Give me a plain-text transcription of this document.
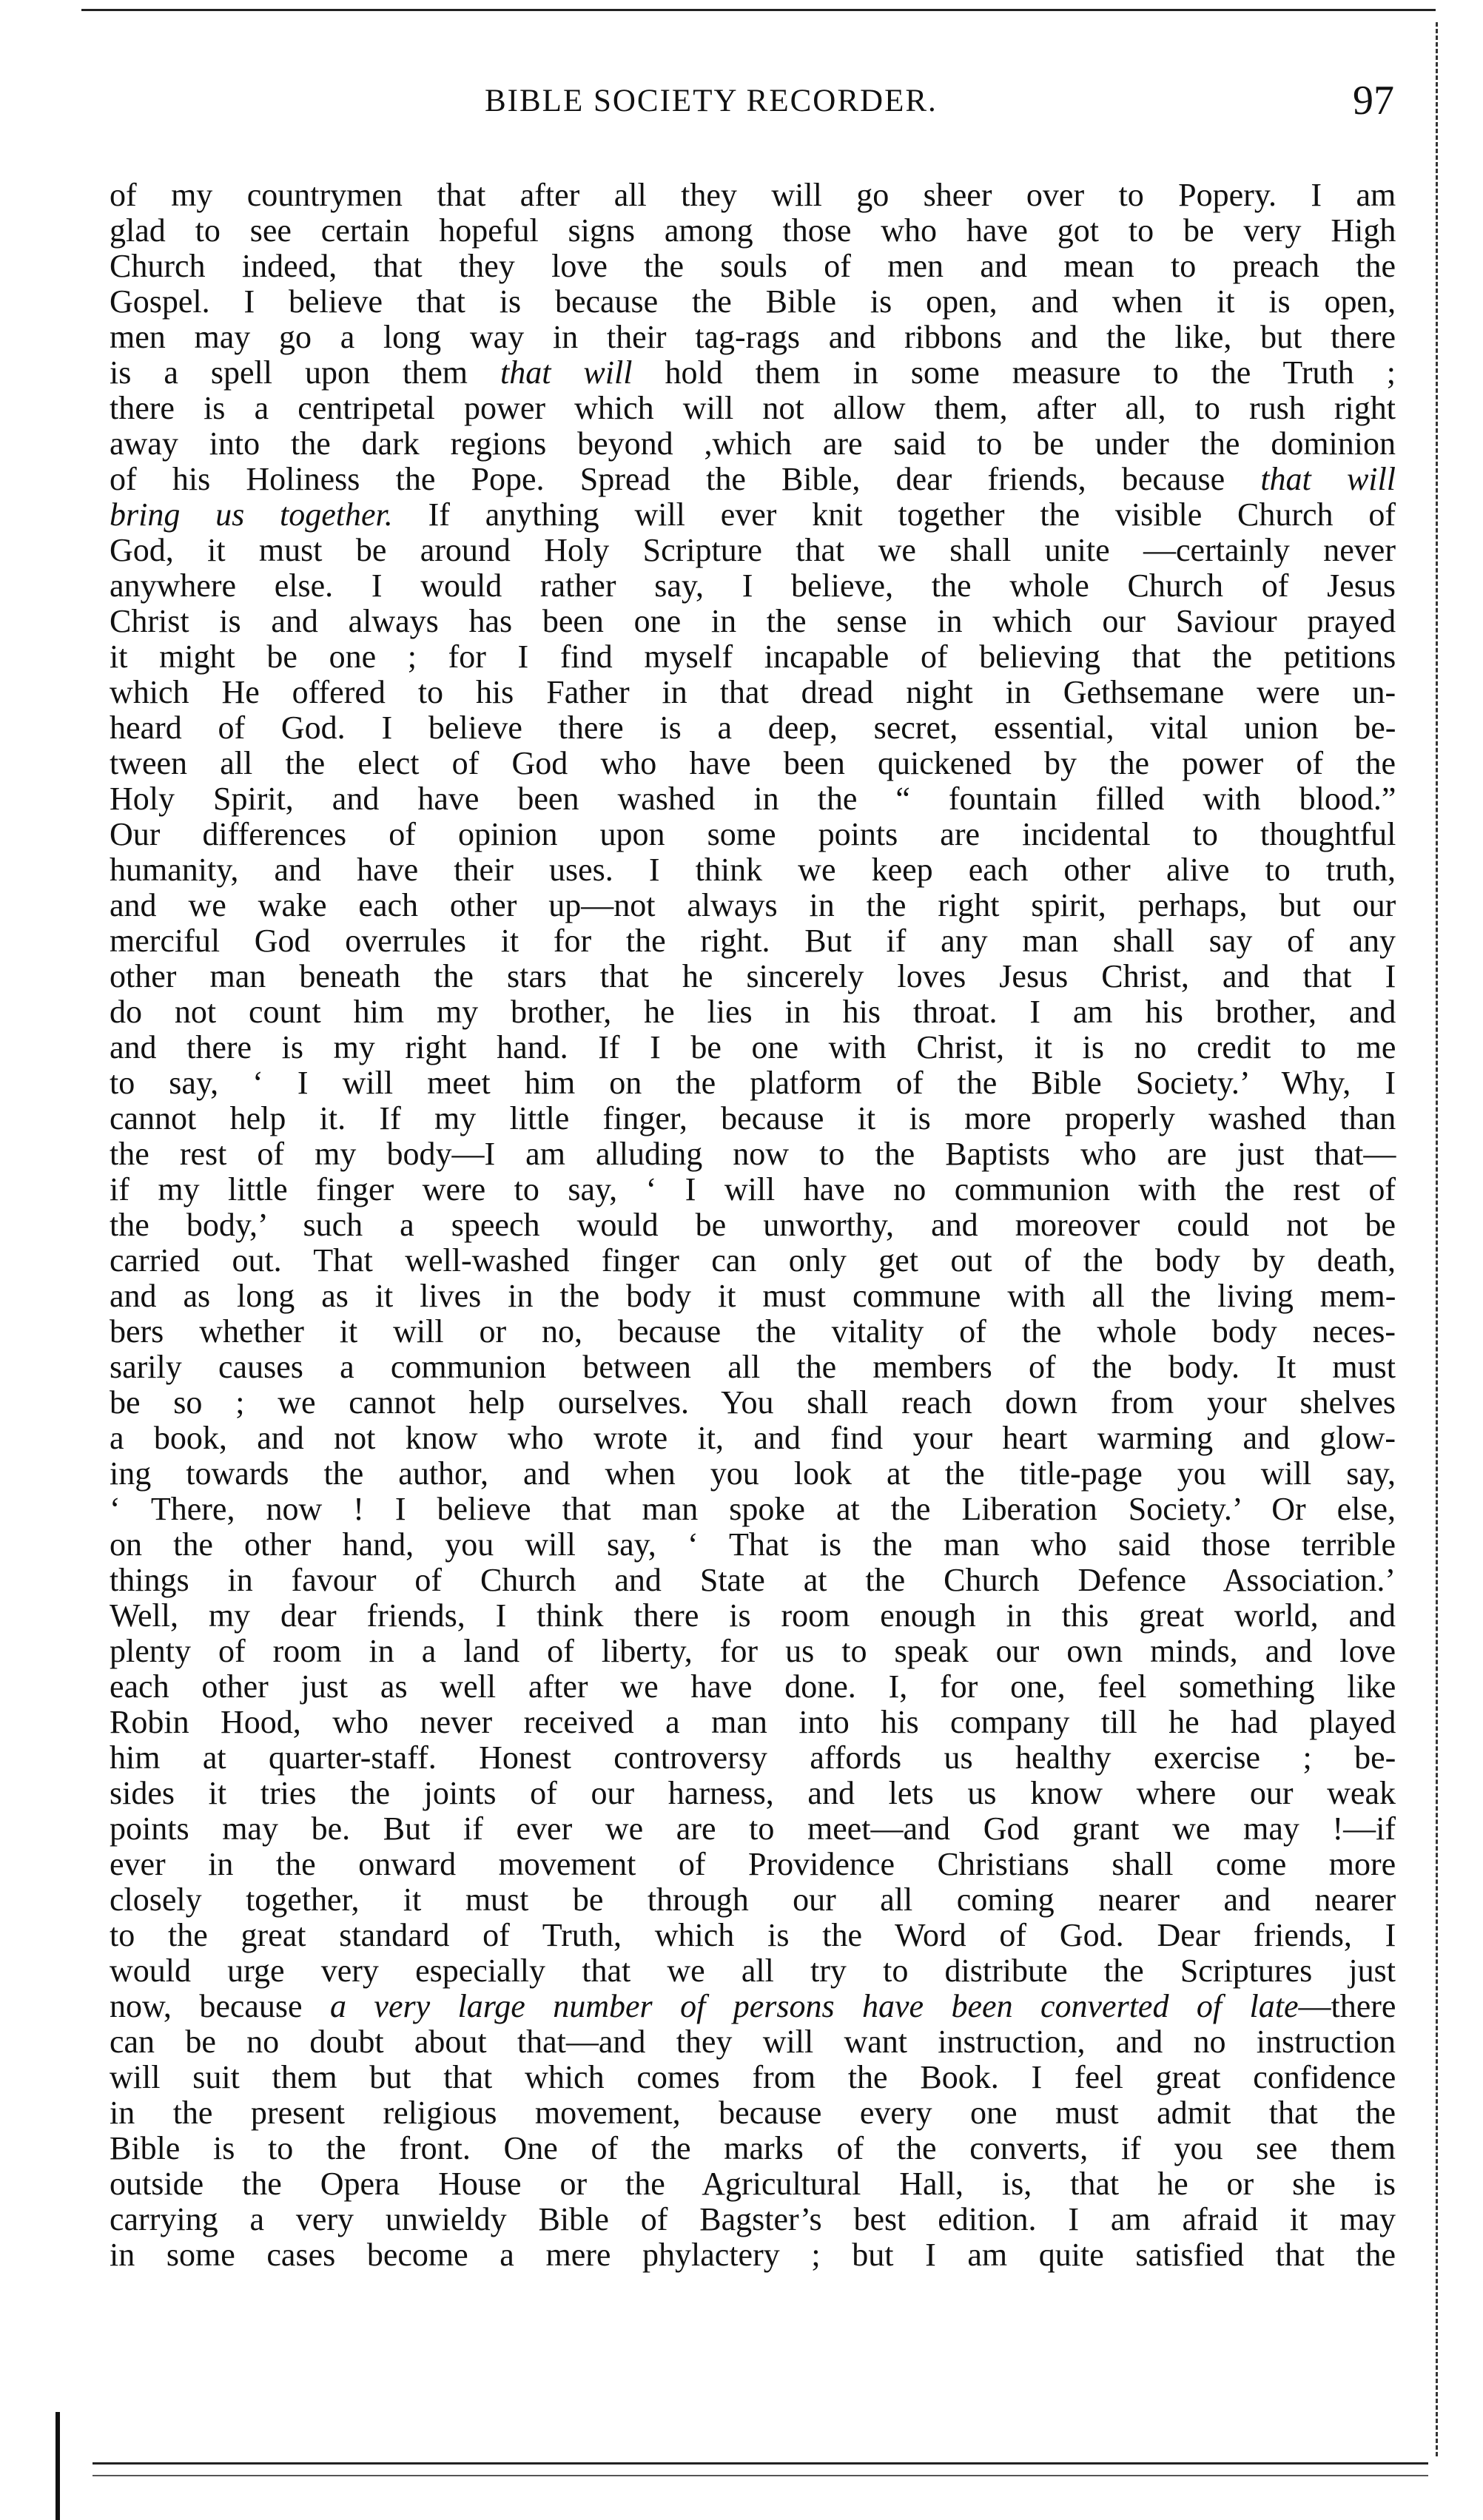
BIBLE SOCIETY RECORDER.	97
of my countrymen that after all they will go sheer over to Popery. I am
glad to see certain hopeful signs among those who have got to be very High
Church indeed, that they love the souls of men and mean to preach the
Gospel. I believe that is because the Bible is open, and when it is open,
men may go a long way in their tag-rags and ribbons and the like, but there
is a spell upon them that will hold them in some measure to the Truth ;
there is a centripetal power which will not allow them, after all, to rush right
away into the dark regions beyond ,which are said to be under the dominion
of his Holiness the Pope. Spread the Bible, dear friends, because that will
bring us together. If anything will ever knit together the visible Church of
God, it must be around Holy Scripture that we shall unite —certainly never
anywhere else. I would rather say, I believe, the whole Church of Jesus
Christ is and always has been one in the sense in which our Saviour prayed
it might be one ; for I find myself incapable of believing that the petitions
which He offered to his Father in that dread night in Gethsemane were un-
heard of God. I believe there is a deep, secret, essential, vital union be-
tween all the elect of God who have been quickened by the power of the
Holy Spirit, and have been washed in the “ fountain filled with blood.”
Our differences of opinion upon some points are incidental to thoughtful
humanity, and have their uses. I think we keep each other alive to truth,
and we wake each other up—not always in the right spirit, perhaps, but our
merciful God overrules it for the right. But if any man shall say of any
other man beneath the stars that he sincerely loves Jesus Christ, and that I
do not count him my brother, he lies in his throat. I am his brother, and
and there is my right hand. If I be one with Christ, it is no credit to me
to say, ‘ I will meet him on the platform of the Bible Society.’ Why, I
cannot help it. If my little finger, because it is more properly washed than
the rest of my body—I am alluding now to the Baptists who are just that—
if my little finger were to say, ‘ I will have no communion with the rest of
the body,’ such a speech would be unworthy, and moreover could not be
carried out. That well-washed finger can only get out of the body by death,
and as long as it lives in the body it must commune with all the living mem-
bers whether it will or no, because the vitality of the whole body neces-
sarily causes a communion between all the members of the body. It must
be so ; we cannot help ourselves. You shall reach down from your shelves
a book, and not know who wrote it, and find your heart warming and glow-
ing towards the author, and when you look at the title-page you will say,
‘ There, now ! I believe that man spoke at the Liberation Society.’ Or else,
on the other hand, you will say, ‘ That is the man who said those terrible
things in favour of Church and State at the Church Defence Association.’
Well, my dear friends, I think there is room enough in this great world, and
plenty of room in a land of liberty, for us to speak our own minds, and love
each other just as well after we have done. I, for one, feel something like
Robin Hood, who never received a man into his company till he had played
him at quarter-staff. Honest controversy affords us healthy exercise ; be-
sides it tries the joints of our harness, and lets us know where our weak
points may be. But if ever we are to meet—and God grant we may !—if
ever in the onward movement of Providence Christians shall come more
closely together, it must be through our all coming nearer and nearer
to the great standard of Truth, which is the Word of God. Dear friends, I
would urge very especially that we all try to distribute the Scriptures just
now, because a very large number of persons have been converted of late—there
can be no doubt about that—and they will want instruction, and no instruction
will suit them but that which comes from the Book. I feel great confidence
in the present religious movement, because every one must admit that the
Bible is to the front. One of the marks of the converts, if you see them
outside the Opera House or the Agricultural Hall, is, that he or she is
carrying a very unwieldy Bible of Bagster’s best edition. I am afraid it may
in some cases become a mere phylactery ; but I am quite satisfied that the
